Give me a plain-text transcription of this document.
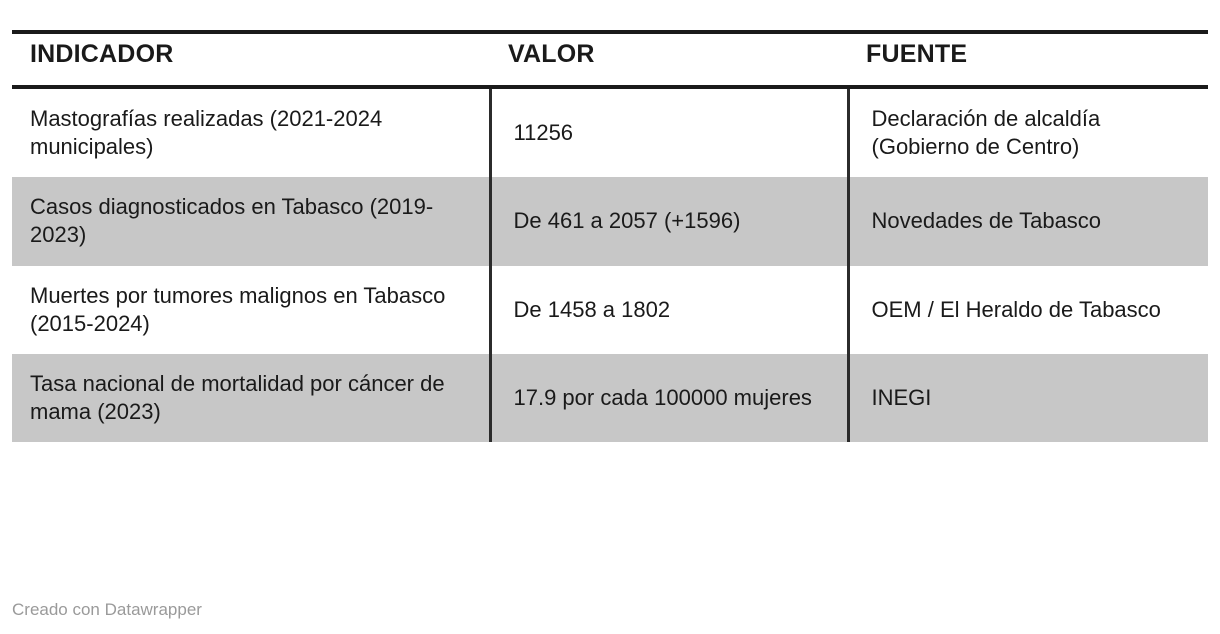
INDICADOR	VALOR	FUENTE
Mastografías realizadas (2021-2024 municipales)	11256	Declaración de alcaldía (Gobierno de Centro)
Casos diagnosticados en Tabasco (2019-2023)	De 461 a 2057 (+1596)	Novedades de Tabasco
Muertes por tumores malignos en Tabasco (2015-2024)	De 1458 a 1802	OEM / El Heraldo de Tabasco
Tasa nacional de mortalidad por cáncer de mama (2023)	17.9 por cada 100000 mujeres	INEGI
Creado con Datawrapper
